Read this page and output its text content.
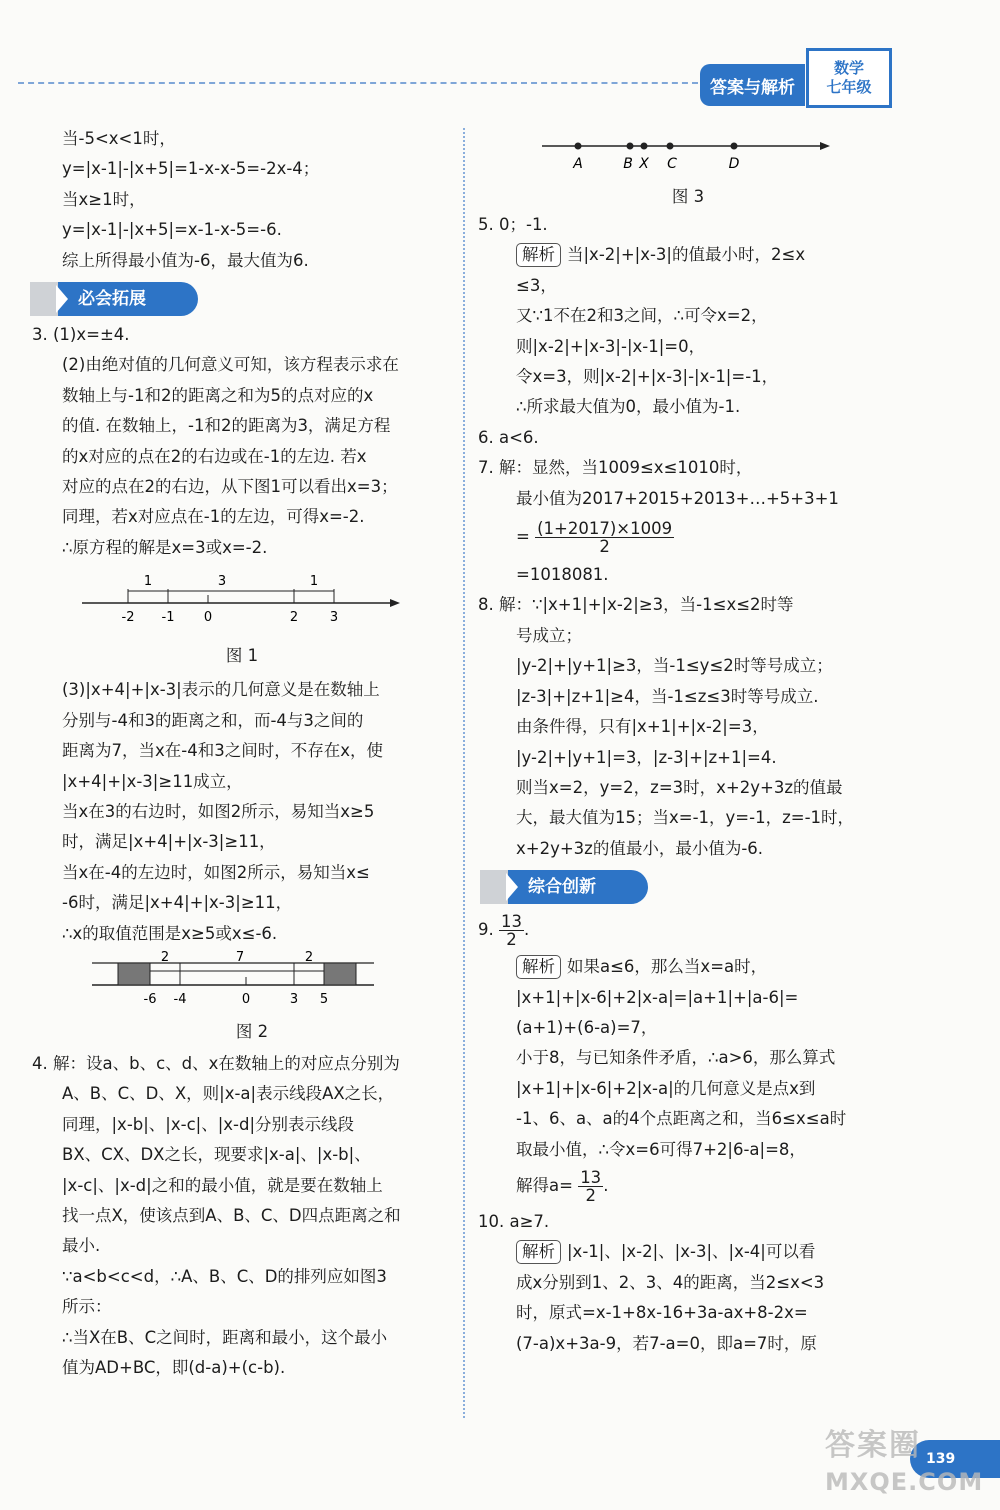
答案与解析
数学
七年级
当-5<x<1时，
y=|x-1|-|x+5|=1-x-x-5=-2x-4；
当x≥1时，
y=|x-1|-|x+5|=x-1-x-5=-6.
综上所得最小值为-6，最大值为6.
必会拓展
3. (1)x=±4.
(2)由绝对值的几何意义可知，该方程表示求在
数轴上与-1和2的距离之和为5的点对应的x
的值. 在数轴上，-1和2的距离为3，满足方程
的x对应的点在2的右边或在-1的左边. 若x
对应的点在2的右边，从下图1可以看出x=3；
同理，若x对应点在-1的左边，可得x=-2.
∴原方程的解是x=3或x=-2.
1	3	1
-2 -1 0	2 3
图 1
(3)|x+4|+|x-3|表示的几何意义是在数轴上
分别与-4和3的距离之和，而-4与3之间的
距离为7，当x在-4和3之间时，不存在x，使
|x+4|+|x-3|≥11成立，
当x在3的右边时，如图2所示，易知当x≥5
时，满足|x+4|+|x-3|≥11，
当x在-4的左边时，如图2所示，易知当x≤
-6时，满足|x+4|+|x-3|≥11，
∴x的取值范围是x≥5或x≤-6.
2	7	2
-6 -4	0	3 5
图 2
4. 解：设a、b、c、d、x在数轴上的对应点分别为
A、B、C、D、X，则|x-a|表示线段AX之长，
同理，|x-b|、|x-c|、|x-d|分别表示线段
BX、CX、DX之长，现要求|x-a|、|x-b|、
|x-c|、|x-d|之和的最小值，就是要在数轴上
找一点X，使该点到A、B、C、D四点距离之和
最小.
∵a<b<c<d，∴A、B、C、D的排列应如图3
所示：
∴当X在B、C之间时，距离和最小，这个最小
值为AD+BC，即(d-a)+(c-b).
A	B X C	D
图 3
5. 0；-1.
解析 当|x-2|+|x-3|的值最小时，2≤x
≤3，
又∵1不在2和3之间，∴可令x=2，
则|x-2|+|x-3|-|x-1|=0，
令x=3，则|x-2|+|x-3|-|x-1|=-1，
∴所求最大值为0，最小值为-1.
6. a<6.
7. 解：显然，当1009≤x≤1010时，
最小值为2017+2015+2013+…+5+3+1
= $\frac{(1+2017)\times 1009}{2}$
=1018081.
8. 解：∵|x+1|+|x-2|≥3，当-1≤x≤2时等
号成立；
|y-2|+|y+1|≥3，当-1≤y≤2时等号成立；
|z-3|+|z+1|≥4，当-1≤z≤3时等号成立.
由条件得，只有|x+1|+|x-2|=3，
|y-2|+|y+1|=3，|z-3|+|z+1|=4.
则当x=2，y=2，z=3时，x+2y+3z的值最
大，最大值为15；当x=-1，y=-1，z=-1时，
x+2y+3z的值最小，最小值为-6.
综合创新
9. $\frac{13}{2}$ .
解析 如果a≤6，那么当x=a时，
|x+1|+|x-6|+2|x-a|=|a+1|+|a-6|=
(a+1)+(6-a)=7，
小于8，与已知条件矛盾，∴a>6，那么算式
|x+1|+|x-6|+2|x-a|的几何意义是点x到
-1、6、a、a的4个点距离之和，当6≤x≤a时
取最小值，∴令x=6可得7+2|6-a|=8，
解得$a= \frac{13}{2}$ .
10. a≥7.
解析 |x-1|、|x-2|、|x-3|、|x-4|可以看
成x分别到1、2、3、4的距离，当2≤x<3
时，原式=x-1+8x-16+3a-ax+8-2x=
(7-a)x+3a-9，若7-a=0，即a=7时，原
139
答案圈
MXQE.COM
